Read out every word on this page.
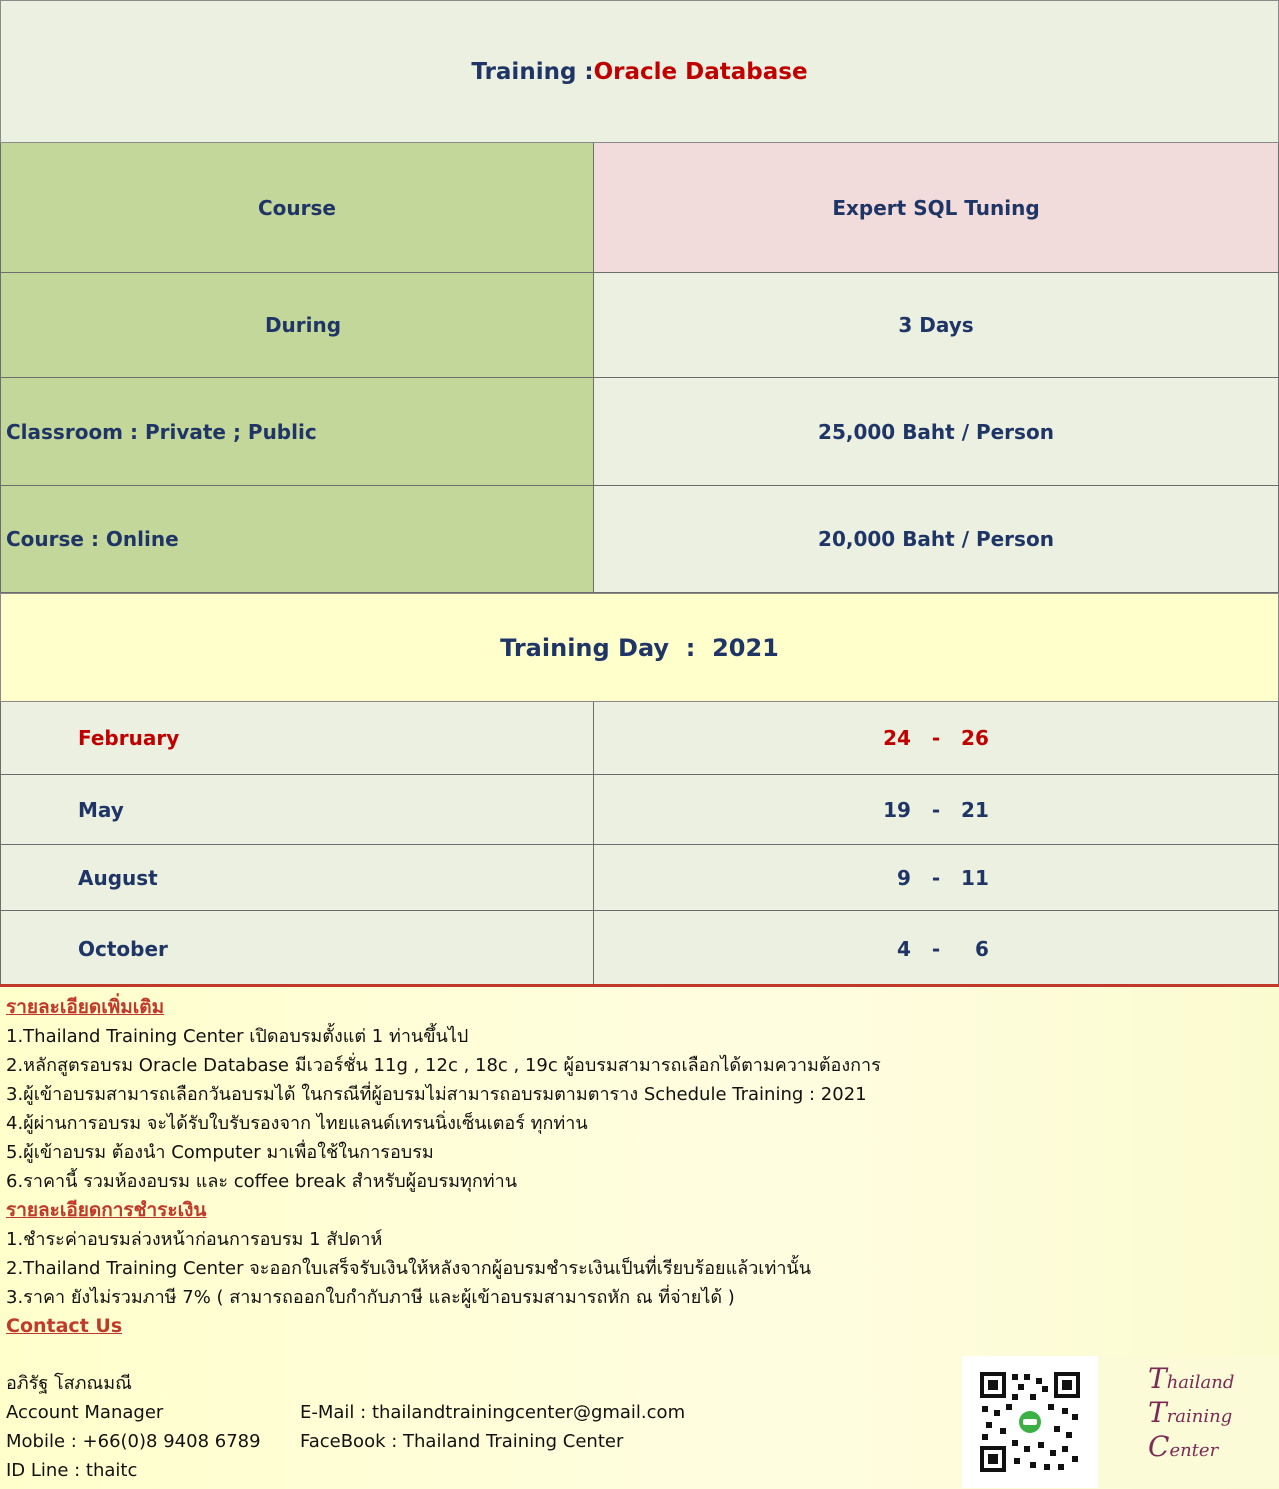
Training : Oracle Database
Course	Expert SQL Tuning
During	3 Days
Classroom : Private ; Public	25,000 Baht / Person
Course : Online	20,000 Baht / Person
Training Day  :  2021
February	24   -   26
May	19   -   21
August	9   -   11
October	4   -     6
รายละเอียดเพิ่มเติม
1.Thailand Training Center เปิดอบรมตั้งแต่ 1 ท่านขึ้นไป
2.หลักสูตรอบรม Oracle Database มีเวอร์ชั่น 11g , 12c , 18c , 19c ผู้อบรมสามารถเลือกได้ตามความต้องการ
3.ผู้เข้าอบรมสามารถเลือกวันอบรมได้ ในกรณีที่ผู้อบรมไม่สามารถอบรมตามตาราง Schedule Training : 2021
4.ผู้ผ่านการอบรม จะได้รับใบรับรองจาก ไทยแลนด์เทรนนิ่งเซ็นเตอร์ ทุกท่าน
5.ผู้เข้าอบรม ต้องนำ Computer มาเพื่อใช้ในการอบรม
6.ราคานี้ รวมห้องอบรม และ coffee break สำหรับผู้อบรมทุกท่าน
รายละเอียดการชำระเงิน
1.ชำระค่าอบรมล่วงหน้าก่อนการอบรม 1 สัปดาห์
2.Thailand Training Center จะออกใบเสร็จรับเงินให้หลังจากผู้อบรมชำระเงินเป็นที่เรียบร้อยแล้วเท่านั้น
3.ราคา ยังไม่รวมภาษี 7% ( สามารถออกใบกำกับภาษี และผู้เข้าอบรมสามารถหัก ณ ที่จ่ายได้ )
Contact Us
อภิรัฐ โสภณมณี
Account Manager
Mobile : +66(0)8 9408 6789
ID Line : thaitc
E-Mail : thailandtrainingcenter@gmail.com
FaceBook : Thailand Training Center
Thailand
Training
Center
